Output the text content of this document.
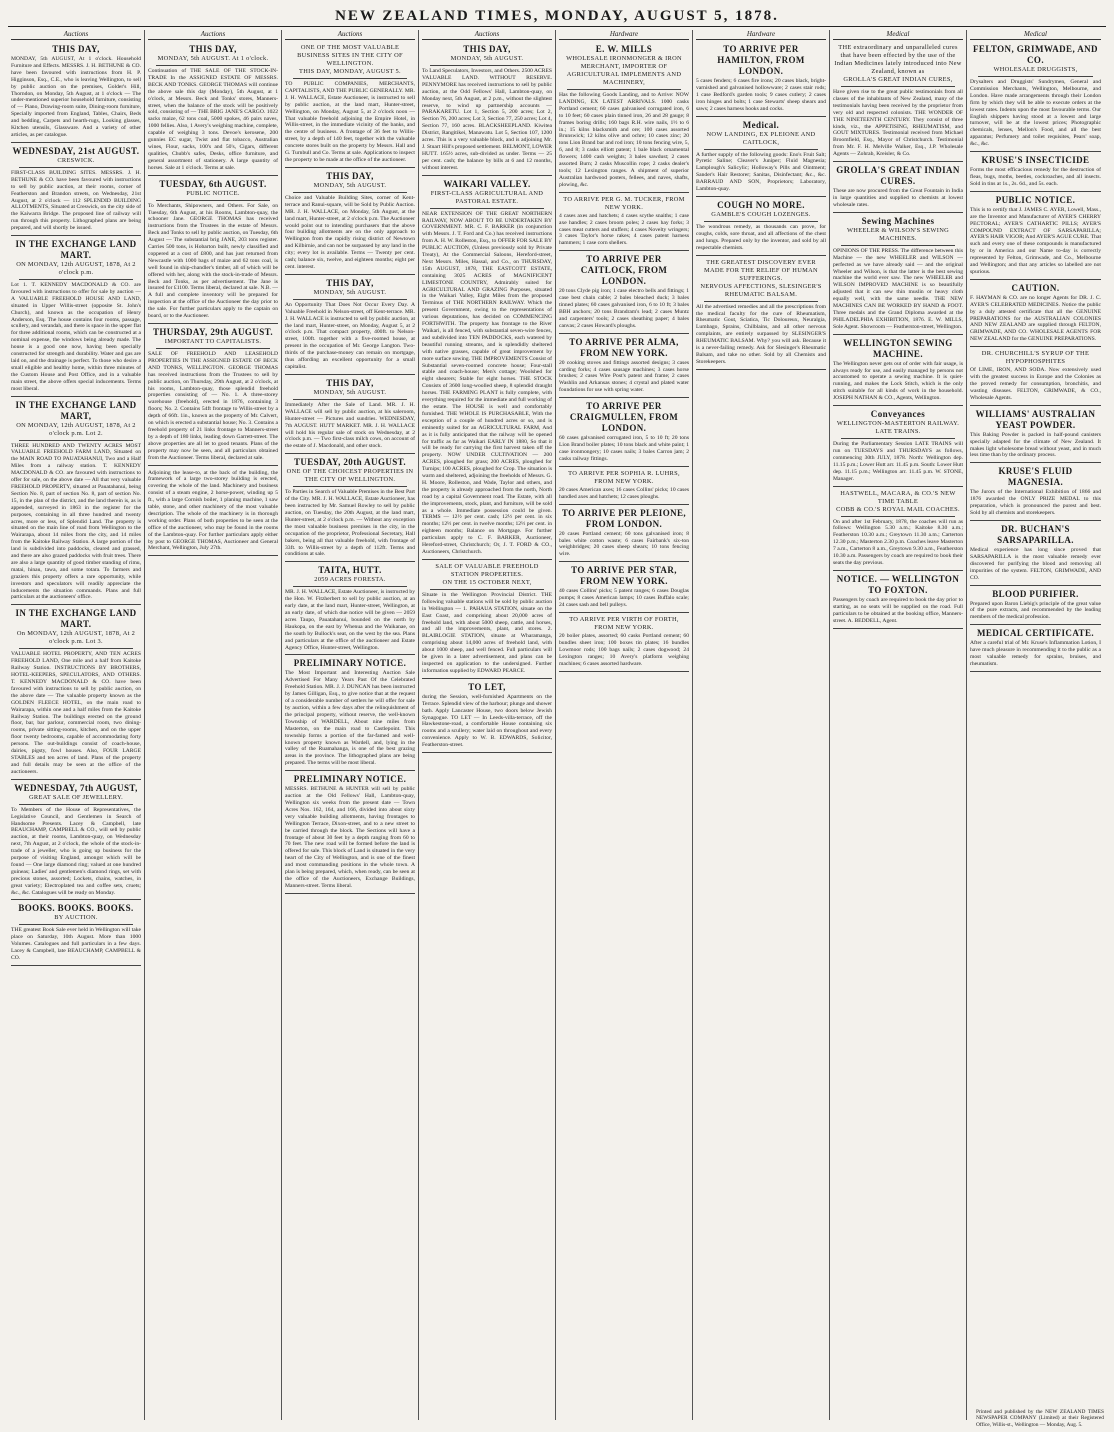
NEW ZEALAND TIMES, MONDAY, AUGUST 5, 1878.
Auctions
THIS DAY,
MONDAY, 5th AUGUST, At 1 o'clock. Household Furniture and Effects. MESSRS. J. H. BETHUNE & CO. have been favoured with instructions from H. P. Higginson, Esq., C.E., who is leaving Wellington, to sell by public auction on the premises, Golder's Hill, Thorndon, on Monday, 5th August, at 1 o'clock — The under-mentioned superior household furniture, consisting of — Piano, Drawing-room suite, Dining-room furniture, Specially imported from England, Tables, Chairs, Beds and bedding, Carpets and hearth-rugs, Looking glasses, Kitchen utensils, Glassware. And a variety of other articles, as per catalogue.
WEDNESDAY, 21st AUGUST.
CRESWICK.
FIRST-CLASS BUILDING SITES. MESSRS. J. H. BETHUNE & CO. have been favoured with instructions to sell by public auction, at their rooms, corner of Featherston and Brandon streets, on Wednesday, 21st August, at 2 o'clock — 112 SPLENDID BUILDING ALLOTMENTS, Situated at Creswick, on the city side of the Kaiwarra Bridge. The proposed line of railway will run through this property. Lithographed plans are being prepared, and will shortly be issued.
IN THE EXCHANGE LAND MART.
ON MONDAY, 12th AUGUST, 1878, At 2 o'clock p.m.
Lot 1. T. KENNEDY MACDONALD & CO. are favoured with instructions to offer for sale by auction — A VALUABLE FREEHOLD HOUSE AND LAND, situated in Upper Willis-street (opposite St. John's Church), and known as the occupation of Henry Anderson, Esq. The house contains four rooms, passage, scullery, and verandah, and there is space in the upper flat for three additional rooms, which can be constructed at a nominal expense, the windows being already made. The house is a good one now, having been specially constructed for strength and durability. Water and gas are laid on, and the drainage is perfect. To those who desire a small eligible and healthy home, within three minutes of the Custom House and Post Office, and in a valuable main street, the above offers special inducements. Terms most liberal.
IN THE EXCHANGE LAND MART,
ON MONDAY, 12th AUGUST, 1878, At 2 o'clock p.m. Lot 2.
THREE HUNDRED AND TWENTY ACRES MOST VALUABLE FREEHOLD FARM LAND, Situated on the MAIN ROAD TO PAUATAHANUI, Two and a Half Miles from a railway station. T. KENNEDY MACDONALD & CO. are favoured with instructions to offer for sale, on the above date — All that very valuable FREEHOLD PROPERTY, situated at Pauatahanui, being Section No. 8, part of section No. 8, part of section No. 15, in the plan of the district, and the land therein is, as is appended, surveyed in 1863 in the register for the purposes, containing in all three hundred and twenty acres, more or less, of Splendid Land. The property is situated on the main line of road from Wellington to the Wairarapa, about 14 miles from the city, and 14 miles from the Kaitoke Railway Station. A large portion of the land is subdivided into paddocks, cleared and grassed, and there are also grazed paddocks with fruit trees. There are also a large quantity of good timber standing of rimu, matai, hinau, tawa, and some totara. To farmers and graziers this property offers a rare opportunity, while investors and speculators will readily appreciate the inducements the situation commands. Plans and full particulars at the auctioneers' office.
IN THE EXCHANGE LAND MART.
On MONDAY, 12th AUGUST, 1878, At 2 o'clock p.m. Lot 3.
VALUABLE HOTEL PROPERTY, AND TEN ACRES FREEHOLD LAND, One mile and a half from Kaitoke Railway Station. INSTRUCTIONS BY BROTHERS, HOTEL-KEEPERS, SPECULATORS, AND OTHERS. T. KENNEDY MACDONALD & CO. have been favoured with instructions to sell by public auction, on the above date — The valuable property known as the GOLDEN FLEECE HOTEL, on the main road to Wairarapa, within one and a half miles from the Kaitoke Railway Station. The buildings erected on the ground floor, bar, bar parlour, commercial room, two dining-rooms, private sitting-rooms, kitchen, and on the upper floor twenty bedrooms, capable of accommodating forty persons. The out-buildings consist of coach-house, dairies, pigsty, fowl houses. Also, FOUR LARGE STABLES and ten acres of land. Plans of the property and full details may be seen at the office of the auctioneers.
WEDNESDAY, 7th AUGUST,
GREAT SALE OF JEWELLERY.
To Members of the House of Representatives, the Legislative Council, and Gentlemen in Search of Handsome Presents. Lacey & Campbell, late BEAUCHAMP, CAMPBELL & CO., will sell by public auction, at their rooms, Lambton-quay, on Wednesday next, 7th August, at 2 o'clock, the whole of the stock-in-trade of a jeweller, who is going up business for the purpose of visiting England, amongst which will be found — One large diamond ring; valued at one hundred guineas; Ladies' and gentlemen's diamond rings, set with precious stones, assorted; Lockets, chains, watches, in great variety; Electroplated tea and coffee sets, cruets; &c., &c. Catalogues will be ready on Monday.
BOOKS. BOOKS. BOOKS.
BY AUCTION.
THE greatest Book Sale ever held in Wellington will take place on Saturday, 10th August. More than 1000 Volumes. Catalogues and full particulars in a few days. Lacey & Campbell, late BEAUCHAMP, CAMPBELL & CO.
Auctions
THIS DAY,
MONDAY, 5th AUGUST. At 1 o'clock.
Continuation of THE SALE OF THE STOCK-IN-TRADE In the ASSIGNED ESTATE OF MESSRS. BECK AND TONKS. GEORGE THOMAS will continue the above sale this day (Monday), 5th August, at 1 o'clock, at Messrs. Beck and Tonks' stores, Manners-street, when the balance of the stock will be positively sold, consisting of — THE BRIG JANE'S CARGO. 1022 sacks maize, 62 tons coal, 5000 spokes, 46 pairs naves, 1000 fellies. Also, 1 Avery's weighing machine, complete, capable of weighing 3 tons. Devoe's kerosene, 200 gunnies EC sugar, Twist and flat tobacco, Australian wines, Flour, sacks, 100's and 50's, Cigars, different qualities, Chubb's safes, Desks, office furniture, and general assortment of stationery. A large quantity of horses. Sale at 1 o'clock. Terms at sale.
TUESDAY, 6th AUGUST.
PUBLIC NOTICE.
To Merchants, Shipowners, and Others. For Sale, on Tuesday, 6th August, at his Rooms, Lambton-quay, the schooner Jane. GEORGE THOMAS has received instructions from the Trustees in the estate of Messrs. Beck and Tonks to sell by public auction, on Tuesday, 6th August — The substantial brig JANE, 203 tons register. Carries 500 tons, is Hobarton built, newly classified and coppered at a cost of £800, and has just returned from Newcastle with 1000 bags of maize and 62 tons coal, is well found in ship-chandler's timber, all of which will be offered with her, along with the stock-in-trade of Messrs. Beck and Tonks, as per advertisement. The Jane is insured for £1100. Terms liberal, declared at sale. N.B. — A full and complete inventory will be prepared for inspection at the office of the Auctioneer the day prior to the sale. For further particulars apply to the captain on board, or to the Auctioneer.
THURSDAY, 29th AUGUST.
IMPORTANT TO CAPITALISTS.
SALE OF FREEHOLD AND LEASEHOLD PROPERTIES IN THE ASSIGNED ESTATE OF BECK AND TONKS, WELLINGTON. GEORGE THOMAS has received instructions from the Trustees to sell by public auction, on Thursday, 29th August, at 2 o'clock, at his rooms, Lambton-quay, those splendid freehold properties consisting of — No. 1. A three-storey warehouse (freehold), erected in 1876, containing 3 floors; No. 2. Contains 54ft frontage to Willis-street by a depth of 66ft. 1in., known as the property of Mr. Calvert, on which is erected a substantial house; No. 3. Contains a freehold property of 21 links frontage to Manners-street by a depth of 180 links, leading down Garrett-street. The above properties are all let to good tenants. Plans of the property may now be seen, and all particulars obtained from the Auctioneer. Terms liberal, declared at sale.
Adjoining the lease-to, at the back of the building, the framework of a large two-storey building is erected, covering the whole of the land. Machinery and business consist of a steam engine, 2 horse-power, winding up 5 ft., with a large Cornish boiler, 1 planing machine, 1 saw table, stone, and other machinery of the most valuable description. The whole of the machinery is in thorough working order. Plans of both properties to be seen at the office of the auctioneer, who may be found in the rooms of the Lambton-quay. For further particulars apply either by post to GEORGE THOMAS, Auctioneer and General Merchant, Wellington, July 27th.
Auctions
ONE OF THE MOST VALUABLE BUSINESS SITES IN THE CITY OF WELLINGTON.
THIS DAY, MONDAY, AUGUST 5.
TO PUBLIC COMPANIES, MERCHANTS, CAPITALISTS, AND THE PUBLIC GENERALLY. MR. J. H. WALLACE, Estate Auctioneer, is instructed to sell by public auction, at the land mart, Hunter-street, Wellington, on Monday, August 5, at 2 o'clock noon — That valuable freehold adjoining the Empire Hotel, in Willis-street, in the immediate vicinity of the banks, and the centre of business. A frontage of 36 feet to Willis-street, by a depth of 140 feet, together with the valuable concrete stores built on the property by Messrs. Hall and G. Turnbull and Co. Terms at sale. Applications to inspect the property to be made at the office of the auctioneer.
THIS DAY,
MONDAY, 5th AUGUST.
Choice and Valuable Building Sites, corner of Kent-terrace and Ranui-square, will be Sold by Public Auction. MR. J. H. WALLACE, on Monday, 5th August, at the land mart, Hunter-street, at 2 o'clock p.m. The Auctioneer would point out to intending purchasers that the above four building allotments are on the only approach to Wellington from the rapidly rising district of Newtown and Kilbirnie, and can not be surpassed by any land in the city; every lot is available. Terms — Twenty per cent. cash; balance six, twelve, and eighteen months; eight per cent. interest.
THIS DAY,
MONDAY, 5th AUGUST.
An Opportunity That Does Not Occur Every Day. A Valuable Freehold in Nelson-street, off Kent-terrace. MR. J. H. WALLACE is instructed to sell by public auction, at the land mart, Hunter-street, on Monday, August 5, at 2 o'clock p.m. That compact property, 400ft. to Nelson-street, 100ft. together with a five-roomed house, at present in the occupation of Mr. George Langton. Two-thirds of the purchase-money can remain on mortgage, thus affording an excellent opportunity for a small capitalist.
THIS DAY,
MONDAY, 5th AUGUST.
Immediately After the Sale of Land. MR. J. H. WALLACE will sell by public auction, at his saleroom, Hunter-street — Pictures and sundries. WEDNESDAY, 7th AUGUST. HUTT MARKET. MR. J. H. WALLACE will hold his regular sale of stock on Wednesday, at 2 o'clock p.m. — Two first-class milch cows, on account of the estate of J. Macdonald, and other stock.
TUESDAY, 20th AUGUST.
ONE OF THE CHOICEST PROPERTIES IN THE CITY OF WELLINGTON.
To Parties in Search of Valuable Premises in the Best Part of the City. MR. J. H. WALLACE, Estate Auctioneer, has been instructed by Mr. Samuel Rowley to sell by public auction, on Tuesday, the 20th August, at the land mart, Hunter-street, at 2 o'clock p.m. — Without any exception the most valuable business premises in the city, in the occupation of the proprietor, Professional Secretary, Hall bakers, being all that valuable freehold, with frontage of 33ft. to Willis-street by a depth of 112ft. Terms and conditions at sale.
TAITA, HUTT.
2059 ACRES FORESTA.
MR. J. H. WALLACE, Estate Auctioneer, is instructed by the Hon. W. Fitzherbert to sell by public auction, at an early date, at the land mart, Hunter-street, Wellington, at an early date, of which due notice will be given — 2059 acres Taupo, Pauatahanui, bounded on the north by Haukopa, on the east by Whenua and the Waikanae, on the south by Bullock's seat, on the west by the sea. Plans and particulars at the office of the auctioneer and Estate Agency Office, Hunter-street, Wellington.
PRELIMINARY NOTICE.
The Most Important and Interesting Auction Sale Advertised For Many Years Past Of the Celebrated Freehold Station. MR. J. J. DUNCAN has been instructed by James Gilligan, Esq., to give notice that at the request of a considerable number of settlers he will offer for sale by auction, within a few days after the relinquishment of the principal property, without reserve, the well-known Township of WARDELL, About nine miles from Masterton, on the main road to Castlepoint. This township forms a portion of the far-famed and well-known property known as Wardell, and, lying in the valley of the Ruamahanga, is one of the best grazing areas in the province. The lithographed plans are being prepared. The terms will be most liberal.
PRELIMINARY NOTICE.
MESSRS. BETHUNE & HUNTER will sell by public auction at the Old Fellows' Hall, Lambton-quay, Wellington six weeks from the present date — Town Acres Nos. 162, 164, and 166, divided into about sixty very valuable building allotments, having frontages to Wellington Terrace, Dixon-street, and to a new street to be carried through the block. The Sections will have a frontage of about 30 feet by a depth ranging from 60 to 70 feet. The new road will be formed before the land is offered for sale. This block of Land is situated in the very heart of the City of Wellington, and is one of the finest and most commanding positions in the whole town. A plan is being prepared, which, when ready, can be seen at the office of the Auctioneers, Exchange Buildings, Manners-street. Terms liberal.
Auctions
THIS DAY,
MONDAY, 5th AUGUST.
To Land Speculators, Investors, and Others. 2500 ACRES VALUABLE LAND. WITHOUT RESERVE. PENNYMORE has received instructions to sell by public auction, at the Odd Fellows' Hall, Lambton-quay, on Monday next, 5th August, at 2 p.m., without the slightest reserve, to wind up partnership accounts — PARAKARETU. Lot 1, Section 5, 200 acres; Lot 2, Section 76, 200 acres; Lot 3, Section 77, 250 acres; Lot 4, Section 77, 160 acres. BLACKSHEEPLAND. Kiwitea District, Rangitikei, Manawatu. Lot 5, Section 107, 1200 acres. This is a very valuable block, and is adjoining Mr. J. Stuart Hill's proposed settlement. BELMONT, LOWER HUTT. 165½ acres, sub-divided as under. Terms — 25 per cent. cash; the balance by bills at 6 and 12 months, without interest.
WAIKARI VALLEY.
FIRST-CLASS AGRICULTURAL AND PASTORAL ESTATE.
NEAR EXTENSION OF THE GREAT NORTHERN RAILWAY, NOW ABOUT TO BE UNDERTAKEN BY GOVERNMENT. MR. C. F. BARKER (in conjunction with Messrs. J. T. Ford and Co.) has received instructions from A. H. W. Rolleston, Esq., to OFFER FOR SALE BY PUBLIC AUCTION, (Unless previously sold by Private Treaty), At the Commercial Saloons, Hereford-street, Next Messrs. Miles, Hassal, and Co., on THURSDAY, 15th AUGUST, 1878, THE EASTCOTT ESTATE, containing 3025 ACRES of MAGNIFICENT LIMESTONE COUNTRY, Admirably suited for AGRICULTURAL AND GRAZING Purposes, situated in the Waikari Valley, Eight Miles from the proposed Terminus of THE NORTHERN RAILWAY. Which the present Government, owing to the representations of various deputations, has decided on COMMENCING FORTHWITH. The property has frontage to the River Waikari, is all fenced, with substantial seven-wire fences, and subdivided into TEN PADDOCKS, each watered by beautiful running streams, and is splendidly sheltered with native grasses, capable of great improvement by more surface sowing. THE IMPROVEMENTS Consist of Substantial seven-roomed concrete house; Four-stall stable and coach-house; Men's cottage; Woolshed for eight shearers; Stable for eight horses. THE STOCK Consists of 3600 long-woolled sheep, 8 splendid draught horses. THE FARMING PLANT is fully complete, with everything required for the immediate and full working of the estate. The HOUSE is well and comfortably furnished. THE WHOLE IS PURCHASABLE, With the exception of a couple of hundred acres or so, and is eminently suited for an AGRICULTURAL FARM, And as it is fully anticipated that the railway will be opened for traffic as far as Waikari EARLY IN 1880, So that it will be ready for carrying the first harvest taken off the property. NOW UNDER CULTIVATION — 200 ACRES, ploughed for grass; 200 ACRES, ploughed for Turnips; 100 ACRES, ploughed for Crop. The situation is warm and sheltered, adjoining the freeholds of Messrs. G. H. Moore, Rolleston, and Wade, Taylor and others, and the property is already approached from the north, North road by a capital Government road. The Estate, with all the improvements, stock, plant, and furniture, will be sold as a whole. Immediate possession could be given. TERMS — 12½ per cent. cash; 12½ per cent. in six months; 12½ per cent. in twelve months; 12½ per cent. in eighteen months; Balance on Mortgage. For further particulars apply to C. F. BARKER, Auctioneer, Hereford-street, Christchurch; Or, J. T. FORD & CO., Auctioneers, Christchurch.
SALE OF VALUABLE FREEHOLD STATION PROPERTIES.
ON THE 15 OCTOBER NEXT,
Situate in the Wellington Provincial District. THE following valuable stations will be sold by public auction in Wellington — 1. PAHAUA STATION, situate on the East Coast, and comprising about 20,000 acres of freehold land, with about 5000 sheep, cattle, and horses, and all the improvements, plant, and stores. 2. BLAIRLOGIE STATION, situate at Wharamanga, comprising about 14,000 acres of freehold land, with about 1000 sheep, and well fenced. Full particulars will be given in a later advertisement, and plans can be inspected on application to the undersigned. Further information supplied by EDWARD PEARCE.
TO LET,
during the Session, well-furnished Apartments on the Terrace. Splendid view of the harbour; plunge and shower bath. Apply Lancaster House, two doors below Jewish Synagogue. TO LET — In Leeds-villa-terrace, off the Hawkestone-road, a comfortable House containing six rooms and a scullery; water laid on throughout and every convenience. Apply to W. B. EDWARDS, Solicitor, Featherston-street.
Hardware
E. W. MILLS
WHOLESALE IRONMONGER & IRON MERCHANT, IMPORTER OF AGRICULTURAL IMPLEMENTS AND MACHINERY,
Has the following Goods Landing, and to Arrive: NOW LANDING, EX LATEST ARRIVALS. 1000 casks Portland cement; 60 cases galvanised corrugated iron, 6 to 10 feet; 60 cases plain tinned iron, 26 and 28 gauge; 8 frames boring drills; 160 bags R.H. wire nails, 1½ to 6 in.; 15 kilns blacksmith and ore; 100 cases assorted Brunswick; 12 kilns olive and ochre; 10 cases zinc; 20 tons Lion Brand bar and rod iron; 10 tons fencing wire, 5, 6, and 8; 3 casks elliott patent; 1 bale black ornamental flowers; 1400 cash weights; 3 bales sawdust; 2 cases assorted Burn; 2 casks Muscollin rope; 2 casks dealer's tools; 12 Lexington ranges. A shipment of superior Australian hardwood posters, fellees, and naves, shafts, plowing, &c.
TO ARRIVE PER G. M. TUCKER, FROM NEW YORK.
4 cases axes and hatchets; 4 cases scythe snaiths; 1 case axe handles; 2 cases broom poles; 2 cases hay forks; 3 cases meat cutters and stuffers; 4 cases Novelty wringers; 3 cases Taylor's horse rakes; 4 cases patent harness hammers; 1 case corn shellers.
TO ARRIVE PER CAITLOCK, FROM LONDON.
20 tons Clyde pig iron; 1 case electro bells and fittings; 1 case best chain cable; 2 bales bleached duck; 3 bales tinned plates; 60 cases galvanised iron, 6 to 10 ft; 3 bales BBH anchors; 20 tons Brandram's lead; 2 cases Muntz and carpenters' tools; 2 cases sheathing paper; 4 bales canvas; 2 cases Howard's ploughs.
TO ARRIVE PER ALMA, FROM NEW YORK.
20 cooking stoves and fittings assorted designs; 3 cases carding forks; 4 cases sausage machines; 3 cases horse brushes; 2 cases Wire Post's patent and frame; 2 cases Washlin and Arkansas stones; 4 crystal and plated water foundations for use with spring water.
TO ARRIVE PER CRAIGMULLEN, FROM LONDON.
60 cases galvanised corrugated iron, 5 to 10 ft; 20 tons Lion Brand boiler plates; 10 tons black and white paint; 1 case ironmongery; 10 cases nails; 3 bales Carron jam; 2 casks railway fittings.
TO ARRIVE PER SOPHIA R. LUHRS, FROM NEW YORK.
20 cases American axes; 16 cases Collins' picks; 10 cases handled axes and hatchets; 12 cases ploughs.
TO ARRIVE PER PLEIONE, FROM LONDON.
20 cases Portland cement; 60 tons galvanised iron; 8 bales white cotton waste; 6 cases Fairbank's six-ton weighbridges; 20 cases sheep shears; 10 tons fencing wire.
TO ARRIVE PER STAR, FROM NEW YORK.
40 cases Collins' picks; 5 patent ranges; 6 cases Douglas pumps; 8 cases American lamps; 10 cases Buffalo scale; 24 cases sash and bell pulleys.
TO ARRIVE PER VIRTH OF FORTH, FROM NEW YORK.
20 boiler plates, assorted; 60 casks Portland cement; 60 bundles sheet iron; 100 boxes tin plates; 16 bundles Lowmoor rods; 100 bags nails; 2 cases dogwood; 24 Lexington ranges; 10 Avery's platform weighing machines; 6 cases assorted hardware.
Hardware
TO ARRIVE PER HAMILTON, FROM LONDON.
5 cases fenders; 6 cases fire irons; 20 cases black, bright-varnished and galvanised hollowware; 2 cases stair rods; 1 case Bedford's garden tools; 9 cases cutlery; 2 cases iron hinges and bolts; 1 case Stewarts' sheep shears and saws; 2 cases harness hooks and cocks.
Medical.
NOW LANDING, EX PLEIONE AND CAITLOCK,
A further supply of the following goods: Eno's Fruit Salt; Pyretic Saline; Cleaver's Juniper; Fluid Magnesia; Lamplough's Salicylic; Holloway's Pills and Ointment; Sander's Hair Restorer; Sanitas, Disinfectant; &c., &c. BARRAUD AND SON, Proprietors; Laboratory, Lambton-quay.
COUGH NO MORE.
GAMBLE'S COUGH LOZENGES.
The wondrous remedy, as thousands can prove, for coughs, colds, sore throat, and all affections of the chest and lungs. Prepared only by the inventor, and sold by all respectable chemists.
THE GREATEST DISCOVERY EVER MADE FOR THE RELIEF OF HUMAN SUFFERINGS.
NERVOUS AFFECTIONS, SLESINGER'S RHEUMATIC BALSAM.
All the advertised remedies and all the prescriptions from the medical faculty for the cure of Rheumatism, Rheumatic Gout, Sciatica, Tic Doloureux, Neuralgia, Lumbago, Sprains, Chilblains, and all other nervous complaints, are entirely surpassed by SLESINGER'S RHEUMATIC BALSAM. Why? you will ask. Because it is a never-failing remedy. Ask for Slesinger's Rheumatic Balsam, and take no other. Sold by all Chemists and Storekeepers.
Medical
THE extraordinary and unparalleled cures that have been effected by the use of the Indian Medicines lately introduced into New Zealand, known as
GROLLA'S GREAT INDIAN CURES,
Have given rise to the great public testimonials from all classes of the inhabitants of New Zealand, many of the testimonials having been received by the proprietor from very old and respected colonists. THE WONDER OF THE NINETEENTH CENTURY. They consist of three kinds, viz., the APPETISING, RHEUMATISM, and GOUT MIXTURES. Testimonial received from Michael Broomfield, Esq., Mayor of Christchurch. Testimonial from Mr. F. H. Melville Walker, Esq., J.P. Wholesale Agents — Zohrab, Kreisler, & Co.
GROLLA'S GREAT INDIAN CURES.
These are now procured from the Great Fountain in India in large quantities and supplied to chemists at lowest wholesale rates.
Sewing Machines
WHEELER & WILSON'S SEWING MACHINES.
OPINIONS OF THE PRESS. The difference between this Machine — the new WHEELER and WILSON — perfected as we have already said — and the original Wheeler and Wilson, is that the latter is the best sewing machine the world ever saw. The new WHEELER and WILSON IMPROVED MACHINE is so beautifully adjusted that it can sew thin muslin or heavy cloth equally well, with the same needle. THE NEW MACHINES CAN BE WORKED BY HAND & FOOT. Three medals and the Grand Diploma awarded at the PHILADELPHIA EXHIBITION, 1876. E. W. MILLS, Sole Agent. Showroom — Featherston-street, Wellington.
WELLINGTON SEWING MACHINE.
The Wellington never gets out of order with fair usage, is always ready for use, and easily managed by persons not accustomed to operate a sewing machine. It is quiet-running, and makes the Lock Stitch, which is the only stitch suitable for all kinds of work in the household. JOSEPH NATHAN & CO., Agents, Wellington.
Conveyances
WELLINGTON-MASTERTON RAILWAY. LATE TRAINS.
During the Parliamentary Session LATE TRAINS will run on TUESDAYS and THURSDAYS as follows, commencing 30th JULY, 1878. North: Wellington dep. 11.15 p.m.; Lower Hutt arr. 11.45 p.m. South: Lower Hutt dep. 11.15 p.m.; Wellington arr. 11.45 p.m. W. STONE, Manager.
HASTWELL, MACARA, & CO.'S NEW TIME TABLE
COBB & CO.'S ROYAL MAIL COACHES.
On and after 1st February, 1878, the coaches will run as follows: Wellington 5.30 a.m.; Kaitoke 8.30 a.m.; Featherston 10.30 a.m.; Greytown 11.30 a.m.; Carterton 12.30 p.m.; Masterton 2.30 p.m. Coaches leave Masterton 7 a.m., Carterton 8 a.m., Greytown 9.30 a.m., Featherston 10.30 a.m. Passengers by coach are required to book their seats the day previous.
NOTICE. — WELLINGTON TO FOXTON.
Passengers by coach are required to book the day prior to starting, as no seats will be supplied on the road. Full particulars to be obtained at the booking office, Manners-street. A. BEDDELL, Agent.
Medical
FELTON, GRIMWADE, AND CO.
WHOLESALE DRUGGISTS,
Drysalters and Druggists' Sundrymen, General and Commission Merchants, Wellington, Melbourne, and London. Have made arrangements through their London firm by which they will be able to execute orders at the lowest rates. Indents upon the most favourable terms. Our English shippers having stood at a lowest and large turnover, will be at the lowest prices; Photographic chemicals, lenses, Mellon's Food, and all the best apparatus; Perfumery and toilet requisites, Pears' soap, &c., &c.
KRUSE'S INSECTICIDE
Forms the most efficacious remedy for the destruction of fleas, bugs, moths, beetles, cockroaches, and all insects. Sold in tins at 1s., 2s. 6d., and 5s. each.
PUBLIC NOTICE.
This is to certify that J. JAMES C. AYER, Lowell, Mass., are the Inventor and Manufacturer of AYER'S CHERRY PECTORAL; AYER'S CATHARTIC PILLS; AYER'S COMPOUND EXTRACT OF SARSAPARILLA; AYER'S HAIR VIGOR; And AYER'S AGUE CURE. That such and every one of these compounds is manufactured by or in America and our Name to-day is correctly represented by Felton, Grimwade, and Co., Melbourne and Wellington; and that any articles so labelled are not spurious.
CAUTION.
F. HAYMAN & CO. are no longer Agents for DR. J. C. AYER'S CELEBRATED MEDICINES. Notice the public by a duly attested certificate that all the GENUINE PREPARATIONS for the AUSTRALIAN COLONIES AND NEW ZEALAND are supplied through FELTON, GRIMWADE, AND CO. WHOLESALE AGENTS FOR NEW ZEALAND for the GENUINE PREPARATIONS.
DR. CHURCHILL'S SYRUP OF THE HYPOPHOSPHITES
Of LIME, IRON, AND SODA. Now extensively used with the greatest success in Europe and the Colonies as the proved remedy for consumption, bronchitis, and wasting diseases. FELTON, GRIMWADE, & CO., Wholesale Agents.
WILLIAMS' AUSTRALIAN YEAST POWDER.
This Baking Powder is packed in half-pound canisters specially adapted for the climate of New Zealand. It makes light wholesome bread without yeast, and in much less time than by the ordinary process.
KRUSE'S FLUID MAGNESIA.
The Jurors of the International Exhibition of 1866 and 1876 awarded the ONLY PRIZE MEDAL to this preparation, which is pronounced the purest and best. Sold by all chemists and storekeepers.
DR. BUCHAN'S SARSAPARILLA.
Medical experience has long since proved that SARSAPARILLA is the most valuable remedy ever discovered for purifying the blood and removing all impurities of the system. FELTON, GRIMWADE, AND CO.
BLOOD PURIFIER.
Prepared upon Baron Liebig's principle of the great value of the pure extracts, and recommended by the leading members of the medical profession.
MEDICAL CERTIFICATE.
After a careful trial of Mr. Kruse's Inflammation Lotion, I have much pleasure in recommending it to the public as a most valuable remedy for sprains, bruises, and rheumatism.
Printed and published by the NEW ZEALAND TIMES NEWSPAPER COMPANY (Limited) at their Registered Office, Willis-st., Wellington — Monday, Aug. 5.
